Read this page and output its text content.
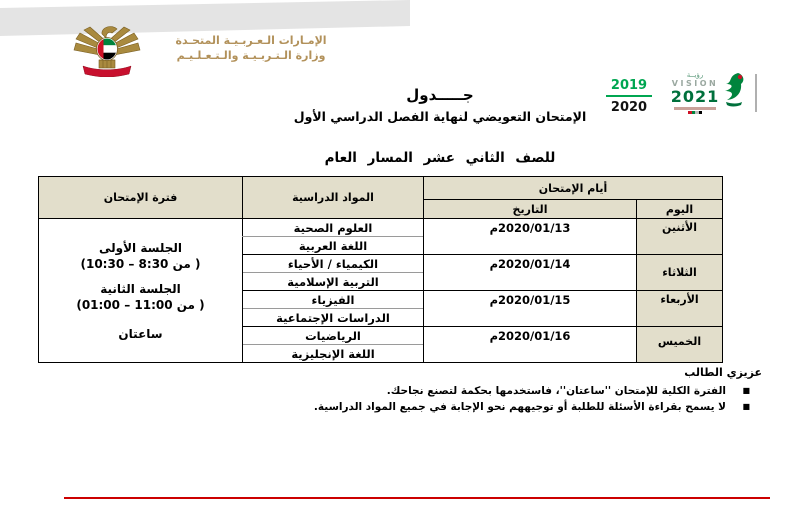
الإمـارات الـعـربـيـة المتحـدة
وزارة الـتـربـيـة والـتـعـلـيـم
2019
2020
رؤيــة
VISION
2021
جـــــدول
الإمتحان التعويضي لنهاية الفصل الدراسي الأول
للصف الثاني عشر المسار العام
أيام الإمتحان		المواد الدراسية	فترة الإمتحان
اليوم	التاريخ		
الأثنين	2020/01/13م	العلوم الصحية	الجلسة الأولى
( من 8:30 – 10:30)
الجلسة الثانية
( من 11:00 – 01:00)
ساعتان

		اللغة العربية	
الثلاثاء	2020/01/14م	الكيمياء / الأحياء	
		التربية الإسلامية	
الأربعاء	2020/01/15م	الفيزياء	
		الدراسات الإجتماعية	
الخميس	2020/01/16م	الرياضيات	
		اللغة الإنجليزية	
عزيزي الطالب
■
الفترة الكلية للإمتحان ''ساعتان''، فاستخدمها بحكمة لتصنع نجاحك.
■
لا يسمح بقراءة الأسئلة للطلبة أو توجيههم نحو الإجابة في جميع المواد الدراسية.
